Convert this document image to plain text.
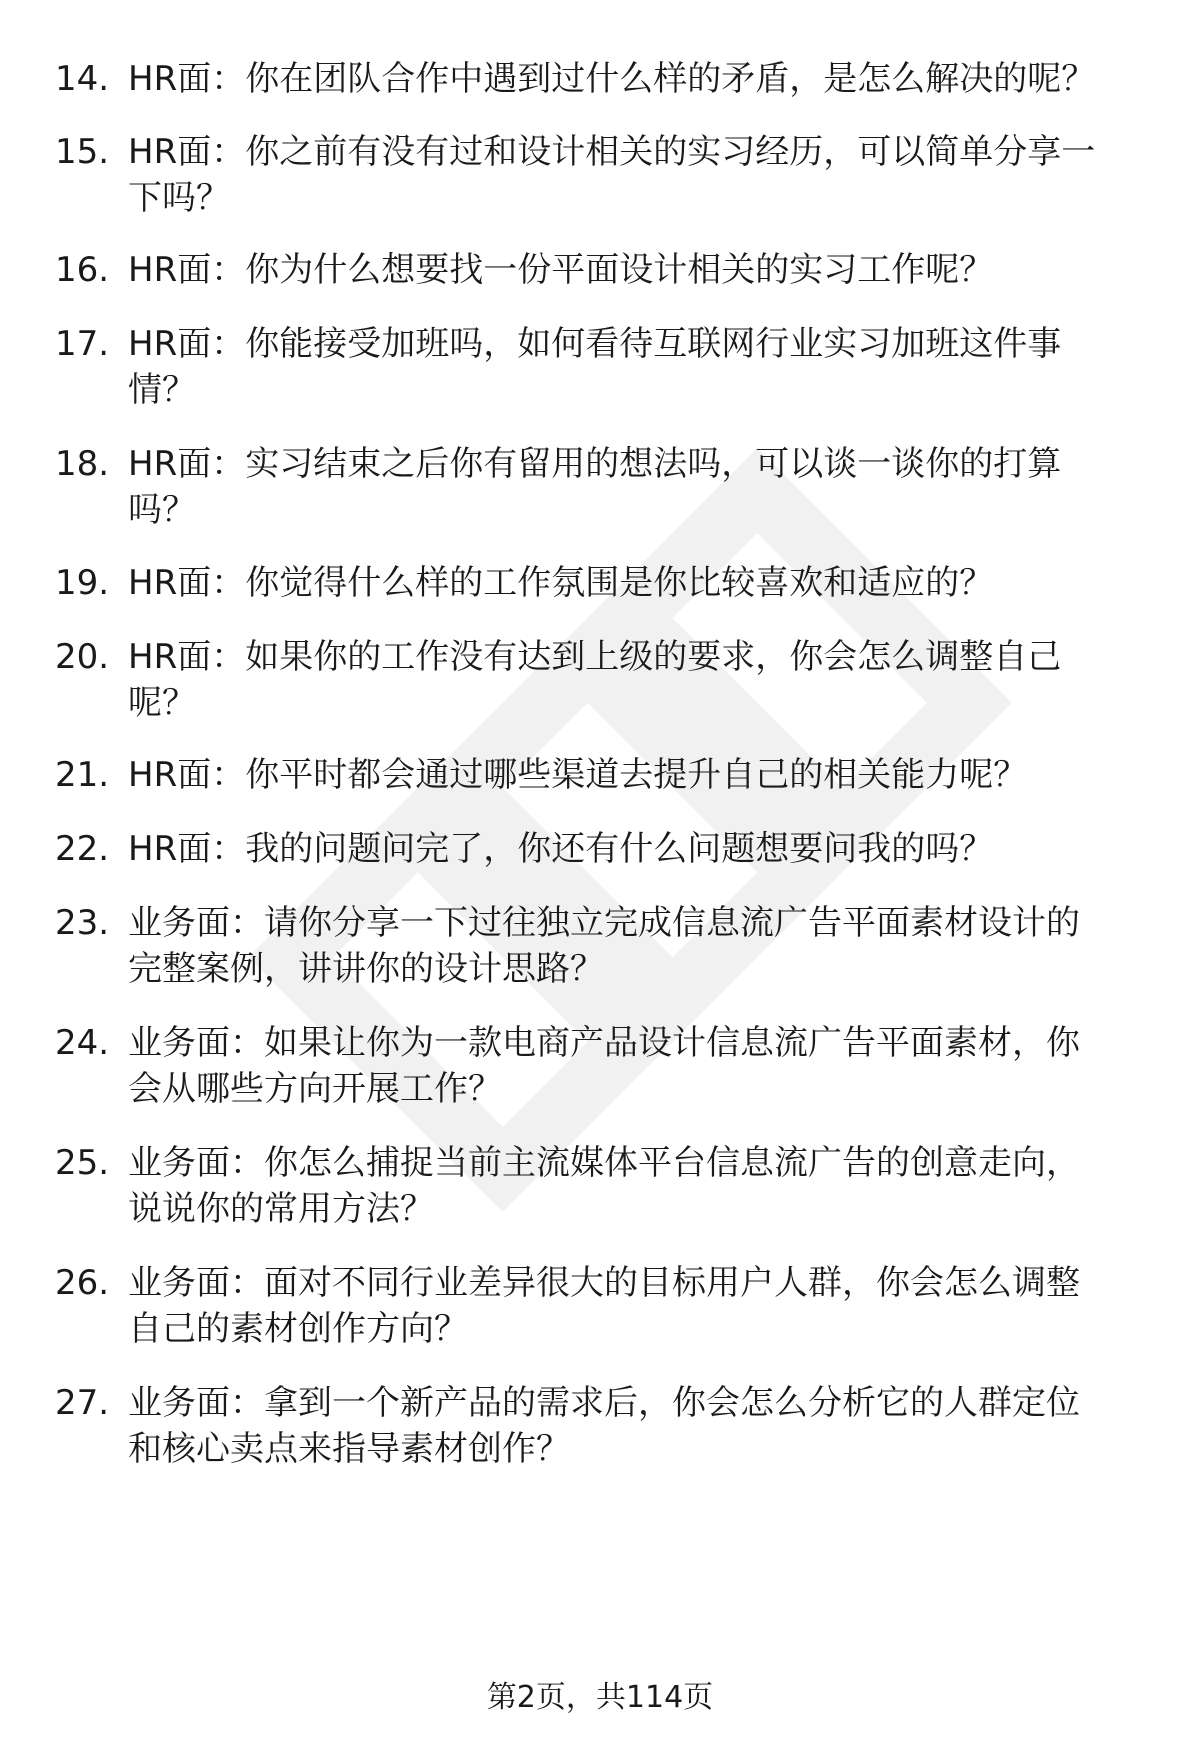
14. HR面：你在团队合作中遇到过什么样的矛盾，是怎么解决的呢？
15. HR面：你之前有没有过和设计相关的实习经历，可以简单分享一
下吗？
16. HR面：你为什么想要找一份平面设计相关的实习工作呢？
17. HR面：你能接受加班吗，如何看待互联网行业实习加班这件事
情？
18. HR面：实习结束之后你有留用的想法吗，可以谈一谈你的打算
吗？
19. HR面：你觉得什么样的工作氛围是你比较喜欢和适应的？
20. HR面：如果你的工作没有达到上级的要求，你会怎么调整自己
呢？
21. HR面：你平时都会通过哪些渠道去提升自己的相关能力呢？
22. HR面：我的问题问完了，你还有什么问题想要问我的吗？
23. 业务面：请你分享一下过往独立完成信息流广告平面素材设计的
完整案例，讲讲你的设计思路？
24. 业务面：如果让你为一款电商产品设计信息流广告平面素材，你
会从哪些方向开展工作？
25. 业务面：你怎么捕捉当前主流媒体平台信息流广告的创意走向，
说说你的常用方法？
26. 业务面：面对不同行业差异很大的目标用户人群，你会怎么调整
自己的素材创作方向？
27. 业务面：拿到一个新产品的需求后，你会怎么分析它的人群定位
和核心卖点来指导素材创作？
第2页，共114页
